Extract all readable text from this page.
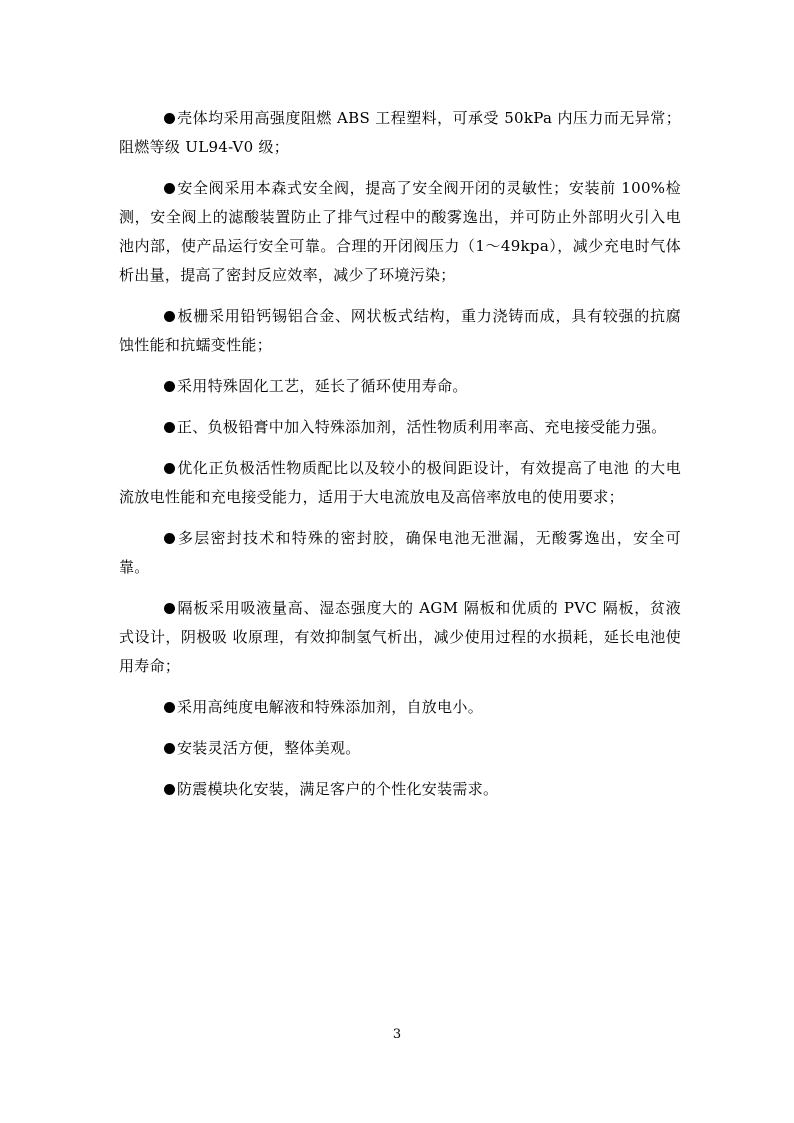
壳体均采用高强度阻燃 ABS 工程塑料，可承受 50kPa 内压力而无异常；阻燃等级 UL94-V0 级；

安全阀采用本森式安全阀，提高了安全阀开闭的灵敏性；安装前 100%检测，安全阀上的滤酸装置防止了排气过程中的酸雾逸出，并可防止外部明火引入电池内部，使产品运行安全可靠。合理的开闭阀压力（1～49kpa），减少充电时气体析出量，提高了密封反应效率，减少了环境污染；

板栅采用铅钙锡铝合金、网状板式结构，重力浇铸而成，具有较强的抗腐蚀性能和抗蠕变性能；

采用特殊固化工艺，延长了循环使用寿命。

正、负极铅膏中加入特殊添加剂，活性物质利用率高、充电接受能力强。

优化正负极活性物质配比以及较小的极间距设计，有效提高了电池 的大电流放电性能和充电接受能力，适用于大电流放电及高倍率放电的使用要求；

多层密封技术和特殊的密封胶，确保电池无泄漏，无酸雾逸出，安全可靠。

隔板采用吸液量高、湿态强度大的 AGM 隔板和优质的 PVC 隔板，贫液式设计，阴极吸 收原理，有效抑制氢气析出，减少使用过程的水损耗，延长电池使用寿命；

采用高纯度电解液和特殊添加剂，自放电小。

安装灵活方便，整体美观。

防震模块化安装，满足客户的个性化安装需求。

3
